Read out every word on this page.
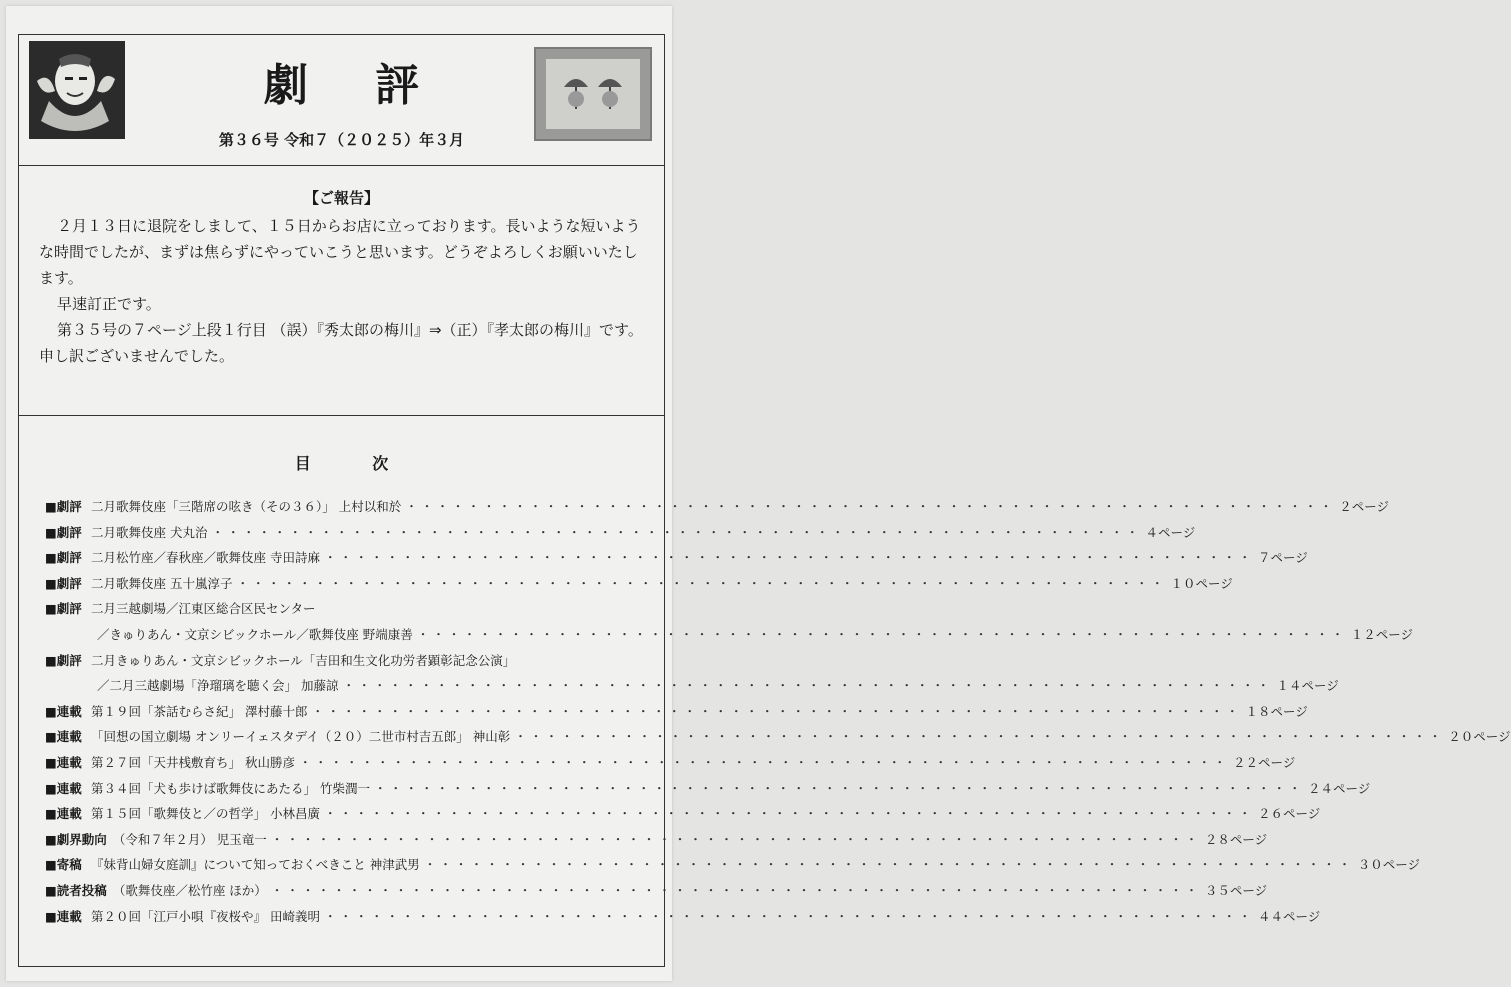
劇 評
第３６号 令和７（２０２５）年３月
【ご報告】

２月１３日に退院をしまして、１５日からお店に立っております。長いような短いような時間でしたが、まずは焦らずにやっていこうと思います。どうぞよろしくお願いいたします。

早速訂正です。

第３５号の７ページ上段１行目 （誤）『秀太郎の梅川』⇒（正）『孝太郎の梅川』です。 申し訳ございませんでした。

目 次
■劇評 二月歌舞伎座「三階席の呟き（その３６）」 上村以和於 ・・・・・・・・・・・・・・・・・・・・・・・・・・・・・・・・・・・・・・・・・・・・・・・・・・・・・・・・・・・・ ２ページ
■劇評 二月歌舞伎座 犬丸治 ・・・・・・・・・・・・・・・・・・・・・・・・・・・・・・・・・・・・・・・・・・・・・・・・・・・・・・・・・・・・ ４ページ
■劇評 二月松竹座／春秋座／歌舞伎座 寺田詩麻 ・・・・・・・・・・・・・・・・・・・・・・・・・・・・・・・・・・・・・・・・・・・・・・・・・・・・・・・・・・・・ ７ページ
■劇評 二月歌舞伎座 五十嵐淳子 ・・・・・・・・・・・・・・・・・・・・・・・・・・・・・・・・・・・・・・・・・・・・・・・・・・・・・・・・・・・・ １０ページ
■劇評 二月三越劇場／江東区総合区民センター
／きゅりあん・文京シビックホール／歌舞伎座 野端康善 ・・・・・・・・・・・・・・・・・・・・・・・・・・・・・・・・・・・・・・・・・・・・・・・・・・・・・・・・・・・・ １２ページ
■劇評 二月きゅりあん・文京シビックホール「吉田和生文化功労者顕彰記念公演」
／二月三越劇場「浄瑠璃を聴く会」 加藤諒 ・・・・・・・・・・・・・・・・・・・・・・・・・・・・・・・・・・・・・・・・・・・・・・・・・・・・・・・・・・・・ １４ページ
■連載 第１９回「茶話むらさ紀」 澤村藤十郎 ・・・・・・・・・・・・・・・・・・・・・・・・・・・・・・・・・・・・・・・・・・・・・・・・・・・・・・・・・・・・ １８ページ
■連載 「回想の国立劇場 オンリーイェスタデイ（２０）二世市村吉五郎」 神山彰 ・・・・・・・・・・・・・・・・・・・・・・・・・・・・・・・・・・・・・・・・・・・・・・・・・・・・・・・・・・・・ ２０ページ
■連載 第２７回「天井桟敷育ち」 秋山勝彦 ・・・・・・・・・・・・・・・・・・・・・・・・・・・・・・・・・・・・・・・・・・・・・・・・・・・・・・・・・・・・ ２２ページ
■連載 第３４回「犬も歩けば歌舞伎にあたる」 竹柴潤一 ・・・・・・・・・・・・・・・・・・・・・・・・・・・・・・・・・・・・・・・・・・・・・・・・・・・・・・・・・・・・ ２４ページ
■連載 第１５回「歌舞伎と／の哲学」 小林昌廣 ・・・・・・・・・・・・・・・・・・・・・・・・・・・・・・・・・・・・・・・・・・・・・・・・・・・・・・・・・・・・ ２６ページ
■劇界動向 （令和７年２月） 児玉竜一 ・・・・・・・・・・・・・・・・・・・・・・・・・・・・・・・・・・・・・・・・・・・・・・・・・・・・・・・・・・・・ ２８ページ
■寄稿 『妹背山婦女庭訓』について知っておくべきこと 神津武男 ・・・・・・・・・・・・・・・・・・・・・・・・・・・・・・・・・・・・・・・・・・・・・・・・・・・・・・・・・・・・ ３０ページ
■読者投稿 （歌舞伎座／松竹座 ほか） ・・・・・・・・・・・・・・・・・・・・・・・・・・・・・・・・・・・・・・・・・・・・・・・・・・・・・・・・・・・・ ３５ページ
■連載 第２０回「江戸小唄『夜桜や』 田崎義明 ・・・・・・・・・・・・・・・・・・・・・・・・・・・・・・・・・・・・・・・・・・・・・・・・・・・・・・・・・・・・ ４４ページ
